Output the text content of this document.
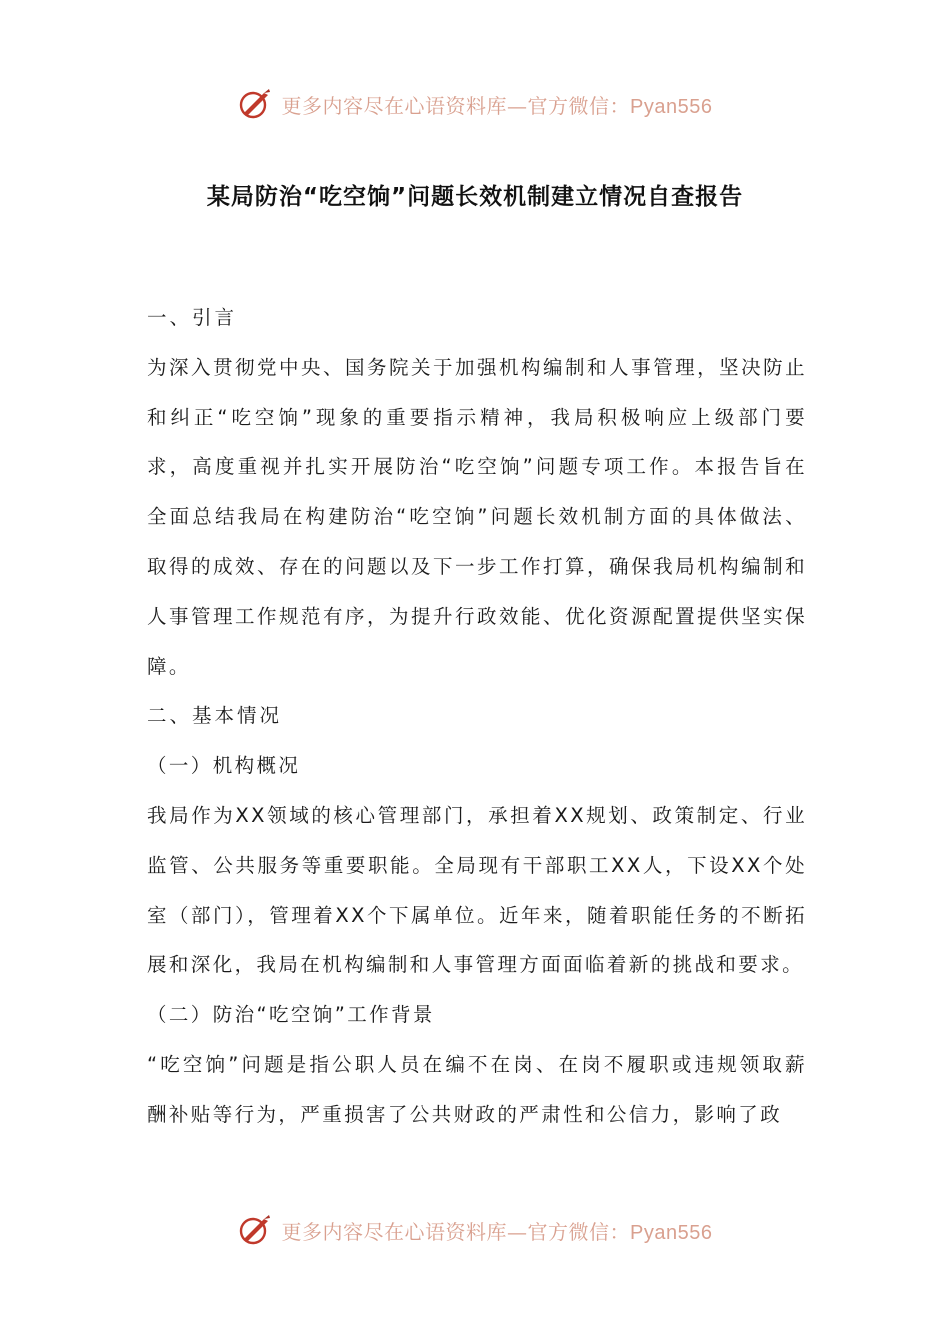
更多内容尽在心语资料库—官方微信：Pyan556
某局防治“吃空饷”问题长效机制建立情况自查报告

一、引言

为深入贯彻党中央、国务院关于加强机构编制和人事管理，坚决防止和纠正“吃空饷”现象的重要指示精神，我局积极响应上级部门要求，高度重视并扎实开展防治“吃空饷”问题专项工作。本报告旨在全面总结我局在构建防治“吃空饷”问题长效机制方面的具体做法、取得的成效、存在的问题以及下一步工作打算，确保我局机构编制和人事管理工作规范有序，为提升行政效能、优化资源配置提供坚实保障。

二、基本情况

（一）机构概况

我局作为XX领域的核心管理部门，承担着XX规划、政策制定、行业监管、公共服务等重要职能。全局现有干部职工XX人，下设XX个处室（部门），管理着XX个下属单位。近年来，随着职能任务的不断拓展和深化，我局在机构编制和人事管理方面面临着新的挑战和要求。

（二）防治“吃空饷”工作背景

“吃空饷”问题是指公职人员在编不在岗、在岗不履职或违规领取薪酬补贴等行为，严重损害了公共财政的严肃性和公信力，影响了政

更多内容尽在心语资料库—官方微信：Pyan556
